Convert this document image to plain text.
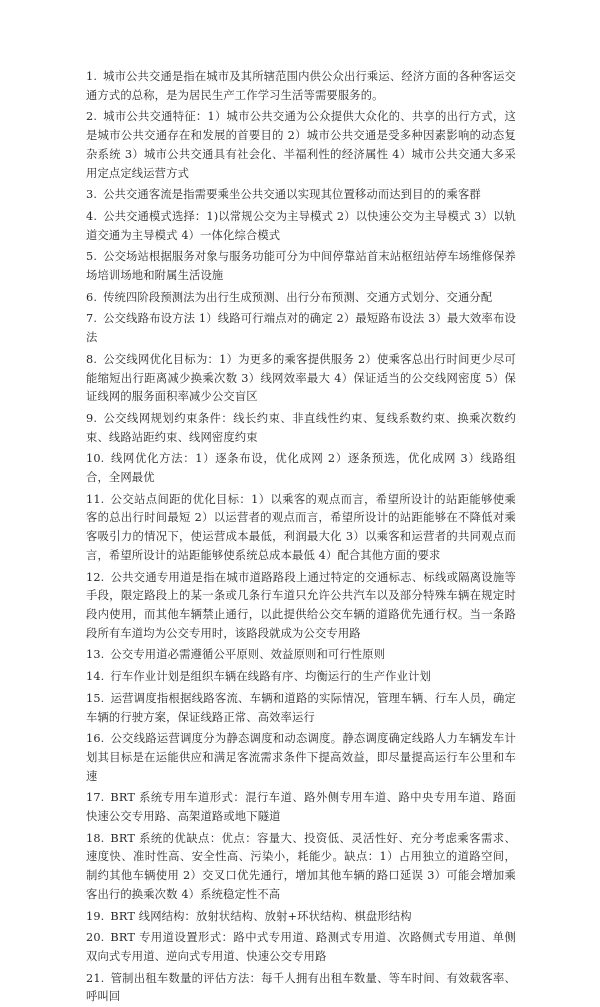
1. 城市公共交通是指在城市及其所辖范围内供公众出行乘运、经济方面的各种客运交通方式的总称，是为居民生产工作学习生活等需要服务的。
2. 城市公共交通特征：1）城市公共交通为公众提供大众化的、共享的出行方式，这是城市公共交通存在和发展的首要目的 2）城市公共交通是受多种因素影响的动态复杂系统 3）城市公共交通具有社会化、半福利性的经济属性 4）城市公共交通大多采用定点定线运营方式
3. 公共交通客流是指需要乘坐公共交通以实现其位置移动而达到目的的乘客群
4. 公共交通模式选择：1)以常规公交为主导模式 2）以快速公交为主导模式 3）以轨道交通为主导模式 4）一体化综合模式
5. 公交场站根据服务对象与服务功能可分为中间停靠站首末站枢纽站停车场维修保养场培训场地和附属生活设施
6. 传统四阶段预测法为出行生成预测、出行分布预测、交通方式划分、交通分配
7. 公交线路布设方法 1）线路可行端点对的确定 2）最短路布设法 3）最大效率布设法
8. 公交线网优化目标为：1）为更多的乘客提供服务 2）使乘客总出行时间更少尽可能缩短出行距离减少换乘次数 3）线网效率最大 4）保证适当的公交线网密度 5）保证线网的服务面积率减少公交盲区
9. 公交线网规划约束条件：线长约束、非直线性约束、复线系数约束、换乘次数约束、线路站距约束、线网密度约束
10. 线网优化方法：1）逐条布设，优化成网 2）逐条预选，优化成网 3）线路组合，全网最优
11. 公交站点间距的优化目标：1）以乘客的观点而言，希望所设计的站距能够使乘客的总出行时间最短 2）以运营者的观点而言，希望所设计的站距能够在不降低对乘客吸引力的情况下，使运营成本最低，利润最大化 3）以乘客和运营者的共同观点而言，希望所设计的站距能够使系统总成本最低 4）配合其他方面的要求
12. 公共交通专用道是指在城市道路路段上通过特定的交通标志、标线或隔离设施等手段，限定路段上的某一条或几条行车道只允许公共汽车以及部分特殊车辆在规定时段内使用，而其他车辆禁止通行，以此提供给公交车辆的道路优先通行权。当一条路段所有车道均为公交专用时，该路段就成为公交专用路
13. 公交专用道必需遵循公平原则、效益原则和可行性原则
14. 行车作业计划是组织车辆在线路有序、均衡运行的生产作业计划
15. 运营调度指根据线路客流、车辆和道路的实际情况，管理车辆、行车人员，确定车辆的行驶方案，保证线路正常、高效率运行
16. 公交线路运营调度分为静态调度和动态调度。静态调度确定线路人力车辆发车计划其目标是在运能供应和满足客流需求条件下提高效益，即尽量提高运行车公里和车速
17. BRT 系统专用车道形式：混行车道、路外侧专用车道、路中央专用车道、路面快速公交专用路、高架道路或地下隧道
18. BRT 系统的优缺点：优点：容量大、投资低、灵活性好、充分考虑乘客需求、速度快、准时性高、安全性高、污染小，耗能少。缺点：1）占用独立的道路空间，制约其他车辆使用 2）交叉口优先通行，增加其他车辆的路口延误 3）可能会增加乘客出行的换乘次数 4）系统稳定性不高
19. BRT 线网结构：放射状结构、放射+环状结构、棋盘形结构
20. BRT 专用道设置形式：路中式专用道、路测式专用道、次路侧式专用道、单侧双向式专用道、逆向式专用道、快速公交专用路
21. 管制出租车数量的评估方法：每千人拥有出租车数量、等车时间、有效载客率、呼叫回
